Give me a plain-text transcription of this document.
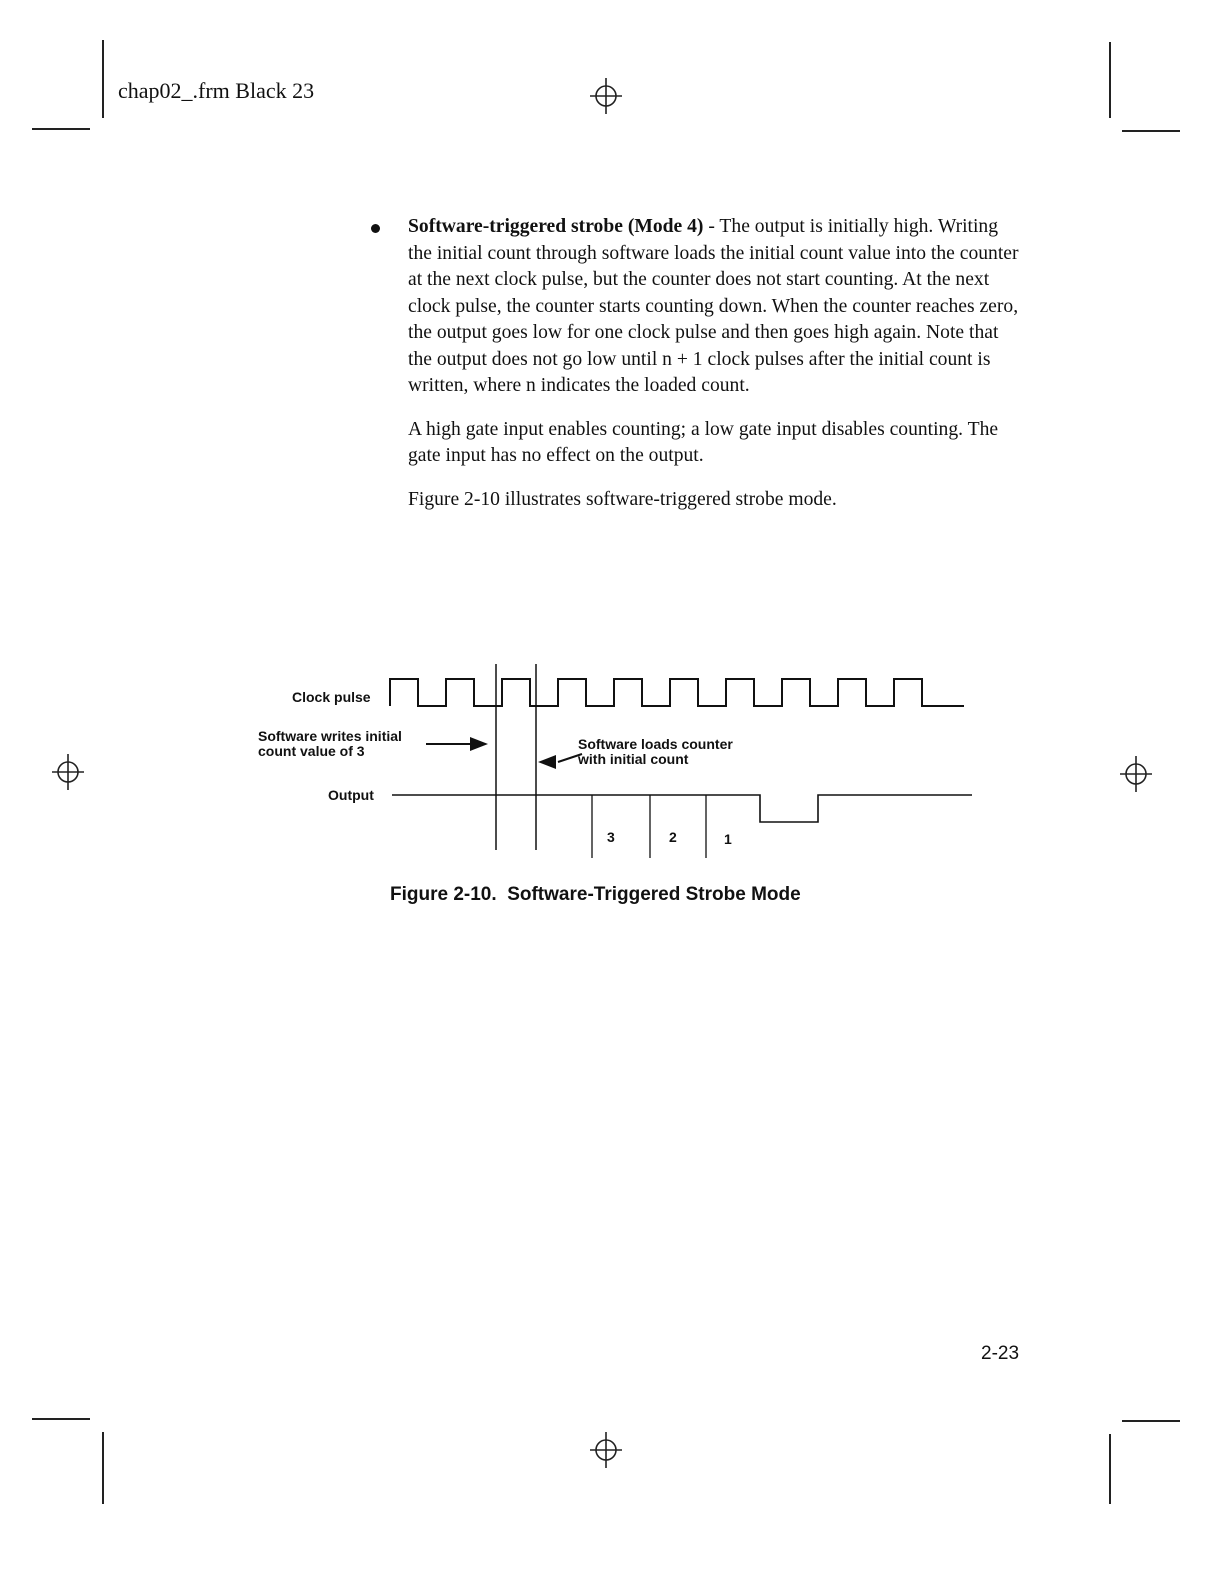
chap02_.frm Black 23

Software-triggered strobe (Mode 4) - The output is initially high. Writing the initial count through software loads the initial count value into the counter at the next clock pulse, but the counter does not start counting. At the next clock pulse, the counter starts counting down. When the counter reaches zero, the output goes low for one clock pulse and then goes high again. Note that the output does not go low until n + 1 clock pulses after the initial count is written, where n indicates the loaded count.

A high gate input enables counting; a low gate input disables counting. The gate input has no effect on the output.

Figure 2-10 illustrates software-triggered strobe mode.

Clock pulse
Software writes initial
count value of 3
Output
Software loads counter
with initial count
3	2	1
Figure 2-10.  Software-Triggered Strobe Mode
2-23
